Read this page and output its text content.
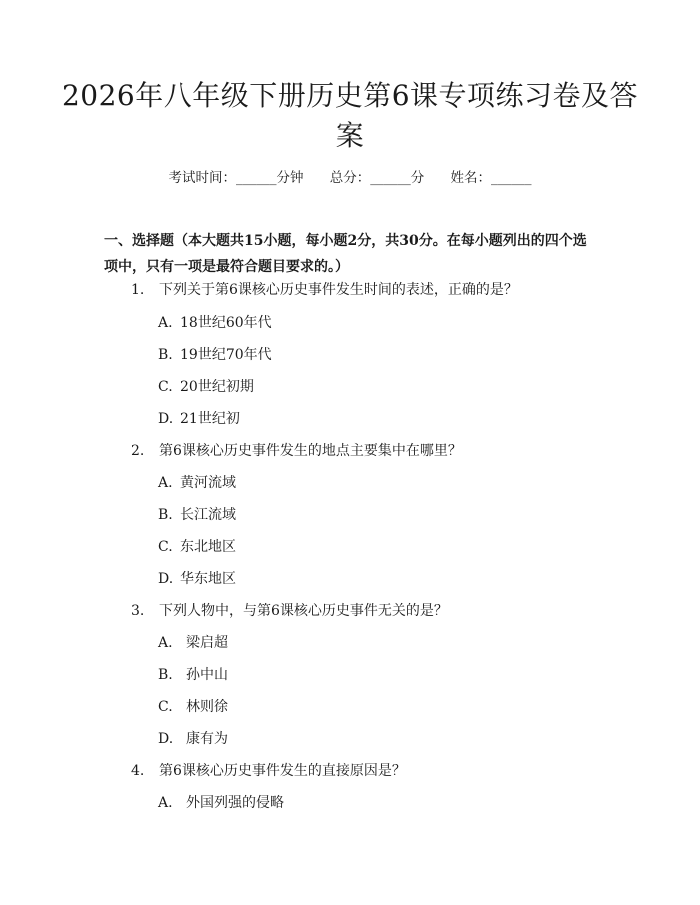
2026年八年级下册历史第6课专项练习卷及答案
考试时间：______分钟 总分：______分 姓名：______
一、选择题（本大题共15小题，每小题2分，共30分。在每小题列出的四个选项中，只有一项是最符合题目要求的。）
1. 下列关于第6课核心历史事件发生时间的表述，正确的是？
A. 18世纪60年代
B. 19世纪70年代
C. 20世纪初期
D. 21世纪初
2. 第6课核心历史事件发生的地点主要集中在哪里？
A. 黄河流域
B. 长江流域
C. 东北地区
D. 华东地区
3. 下列人物中，与第6课核心历史事件无关的是？
A. 梁启超
B. 孙中山
C. 林则徐
D. 康有为
4. 第6课核心历史事件发生的直接原因是？
A. 外国列强的侵略
